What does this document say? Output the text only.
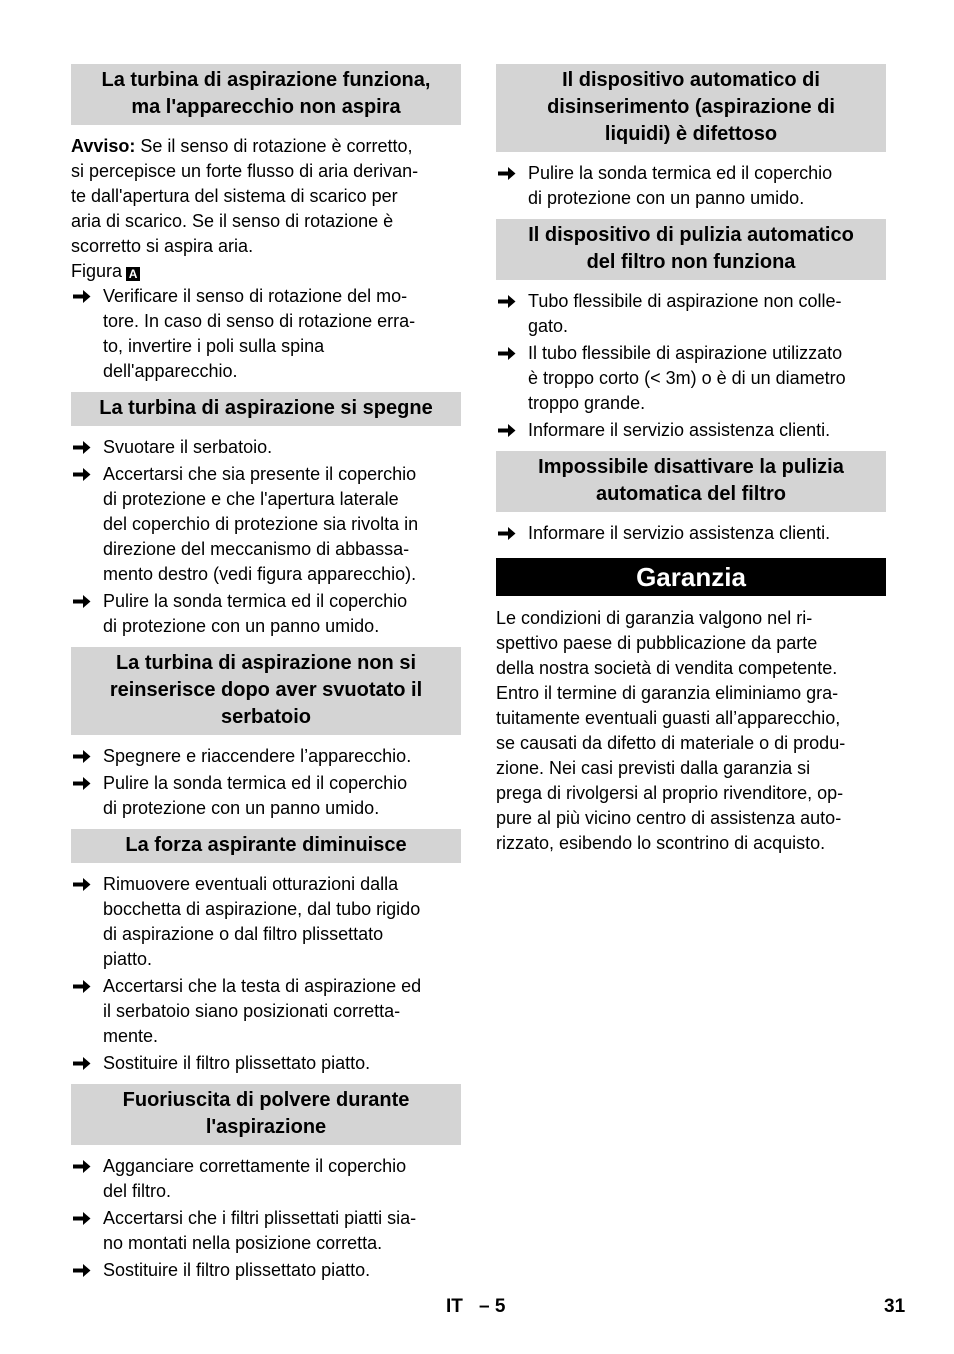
La turbina di aspirazione funziona,
ma l'apparecchio non aspira

Avviso: Se il senso di rotazione è corretto,
si percepisce un forte flusso di aria derivan-
te dall'apertura del sistema di scarico per
aria di scarico. Se il senso di rotazione è
scorretto si aspira aria.

Figura A
Verificare il senso di rotazione del mo-
tore. In caso di senso di rotazione erra-
to, invertire i poli sulla spina
dell'apparecchio.
La turbina di aspirazione si spegne
Svuotare il serbatoio.
Accertarsi che sia presente il coperchio
di protezione e che l'apertura laterale
del coperchio di protezione sia rivolta in
direzione del meccanismo di abbassa-
mento destro (vedi figura apparecchio).
Pulire la sonda termica ed il coperchio
di protezione con un panno umido.
La turbina di aspirazione non si
reinserisce dopo aver svuotato il
serbatoio
Spegnere e riaccendere l’apparecchio.
Pulire la sonda termica ed il coperchio
di protezione con un panno umido.
La forza aspirante diminuisce
Rimuovere eventuali otturazioni dalla
bocchetta di aspirazione, dal tubo rigido
di aspirazione o dal filtro plissettato
piatto.
Accertarsi che la testa di aspirazione ed
il serbatoio siano posizionati corretta-
mente.
Sostituire il filtro plissettato piatto.
Fuoriuscita di polvere durante
l'aspirazione
Agganciare correttamente il coperchio
del filtro.
Accertarsi che i filtri plissettati piatti sia-
no montati nella posizione corretta.
Sostituire il filtro plissettato piatto.
Il dispositivo automatico di
disinserimento (aspirazione di
liquidi) è difettoso
Pulire la sonda termica ed il coperchio
di protezione con un panno umido.
Il dispositivo di pulizia automatico
del filtro non funziona
Tubo flessibile di aspirazione non colle-
gato.
Il tubo flessibile di aspirazione utilizzato
è troppo corto (< 3m) o è di un diametro
troppo grande.
Informare il servizio assistenza clienti.
Impossibile disattivare la pulizia
automatica del filtro
Informare il servizio assistenza clienti.
Garanzia

Le condizioni di garanzia valgono nel ri-
spettivo paese di pubblicazione da parte
della nostra società di vendita competente.
Entro il termine di garanzia eliminiamo gra-
tuitamente eventuali guasti all’apparecchio,
se causati da difetto di materiale o di produ-
zione. Nei casi previsti dalla garanzia si
prega di rivolgersi al proprio rivenditore, op-
pure al più vicino centro di assistenza auto-
rizzato, esibendo lo scontrino di acquisto.

IT – 5	31
